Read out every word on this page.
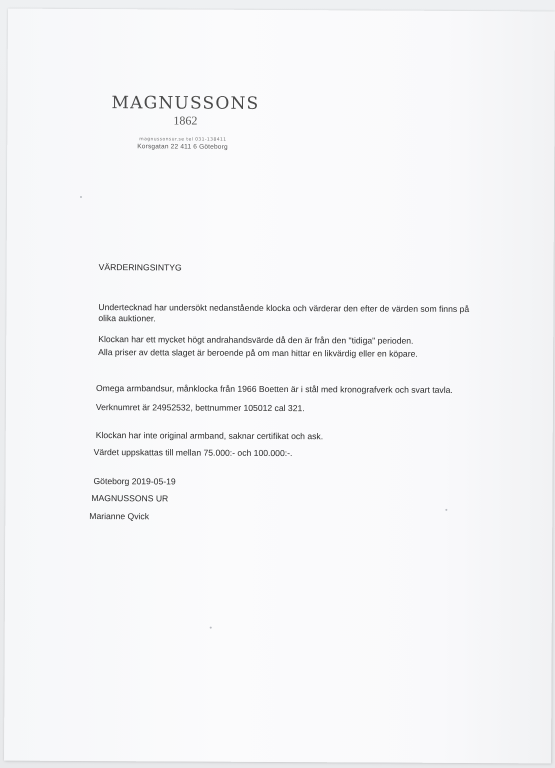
MAGNUSSONS

1862

magnussonsur.se tel 031-138411
Korsgatan 22 411 6 Göteborg
VÄRDERINGSINTYG
Undertecknad har undersökt nedanstående klocka och värderar den efter de värden som finns på
olika auktioner.
Klockan har ett mycket högt andrahandsvärde då den är från den "tidiga" perioden.
Alla priser av detta slaget är beroende på om man hittar en likvärdig eller en köpare.
Omega armbandsur, månklocka från 1966 Boetten är i stål med kronografverk och svart tavla.
Verknumret är 24952532, bettnummer 105012 cal 321.
Klockan har inte original armband, saknar certifikat och ask.
Värdet uppskattas till mellan 75.000:- och 100.000:-.
Göteborg 2019-05-19
MAGNUSSONS UR
Marianne Qvick
